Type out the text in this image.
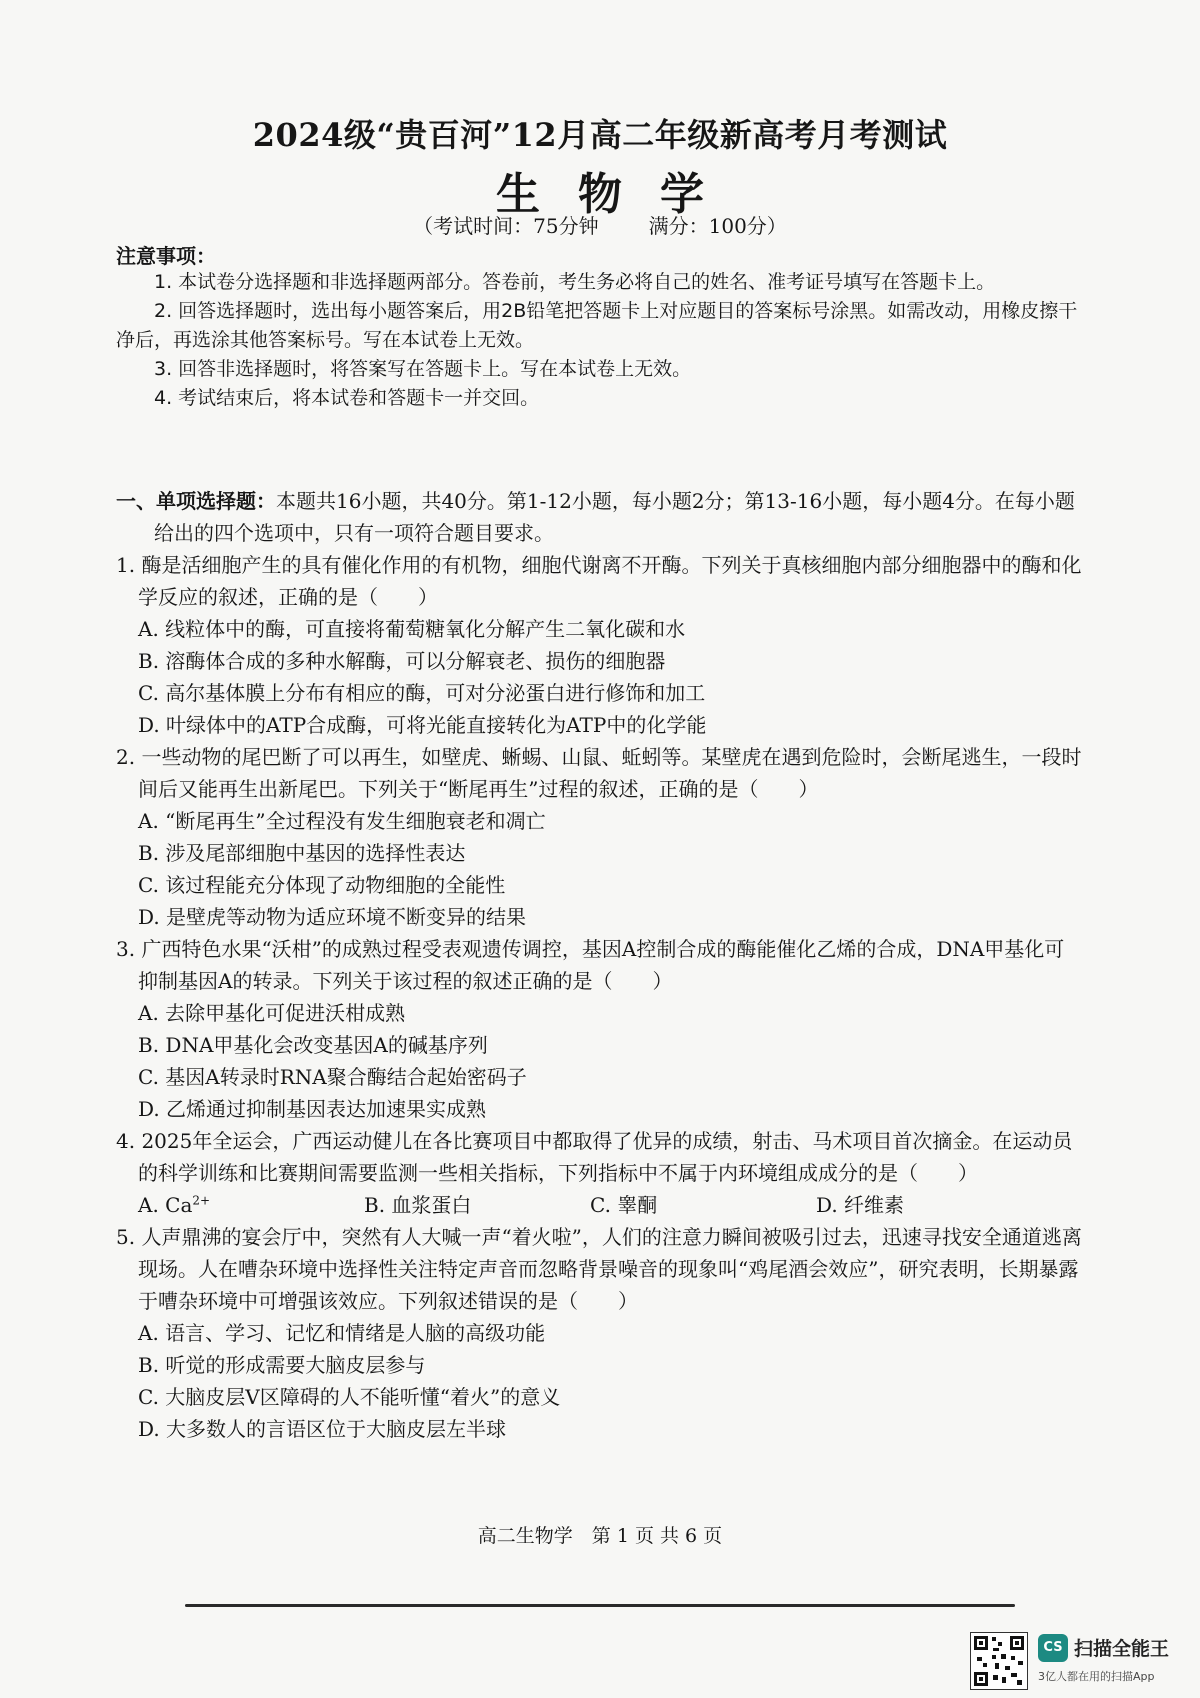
2024级“贵百河”12月高二年级新高考月考测试
生物学
（考试时间：75分钟	满分：100分）
注意事项：

1. 本试卷分选择题和非选择题两部分。答卷前，考生务必将自己的姓名、准考证号填写在答题卡上。

2. 回答选择题时，选出每小题答案后，用2B铅笔把答题卡上对应题目的答案标号涂黑。如需改动，用橡皮擦干净后，再选涂其他答案标号。写在本试卷上无效。

3. 回答非选择题时，将答案写在答题卡上。写在本试卷上无效。

4. 考试结束后，将本试卷和答题卡一并交回。

一、单项选择题：本题共16小题，共40分。第1-12小题，每小题2分；第13-16小题，每小题4分。在每小题给出的四个选项中，只有一项符合题目要求。
1. 酶是活细胞产生的具有催化作用的有机物，细胞代谢离不开酶。下列关于真核细胞内部分细胞器中的酶和化学反应的叙述，正确的是（　　）
A. 线粒体中的酶，可直接将葡萄糖氧化分解产生二氧化碳和水
B. 溶酶体合成的多种水解酶，可以分解衰老、损伤的细胞器
C. 高尔基体膜上分布有相应的酶，可对分泌蛋白进行修饰和加工
D. 叶绿体中的ATP合成酶，可将光能直接转化为ATP中的化学能
2. 一些动物的尾巴断了可以再生，如壁虎、蜥蜴、山鼠、蚯蚓等。某壁虎在遇到危险时，会断尾逃生，一段时间后又能再生出新尾巴。下列关于“断尾再生”过程的叙述，正确的是（　　）
A. “断尾再生”全过程没有发生细胞衰老和凋亡
B. 涉及尾部细胞中基因的选择性表达
C. 该过程能充分体现了动物细胞的全能性
D. 是壁虎等动物为适应环境不断变异的结果
3. 广西特色水果“沃柑”的成熟过程受表观遗传调控，基因A控制合成的酶能催化乙烯的合成，DNA甲基化可抑制基因A的转录。下列关于该过程的叙述正确的是（　　）
A. 去除甲基化可促进沃柑成熟
B. DNA甲基化会改变基因A的碱基序列
C. 基因A转录时RNA聚合酶结合起始密码子
D. 乙烯通过抑制基因表达加速果实成熟
4. 2025年全运会，广西运动健儿在各比赛项目中都取得了优异的成绩，射击、马术项目首次摘金。在运动员的科学训练和比赛期间需要监测一些相关指标，下列指标中不属于内环境组成成分的是（　　）
A. $Ca^{2+}$	B. 血浆蛋白	C. 睾酮	D. 纤维素
5. 人声鼎沸的宴会厅中，突然有人大喊一声“着火啦”，人们的注意力瞬间被吸引过去，迅速寻找安全通道逃离现场。人在嘈杂环境中选择性关注特定声音而忽略背景噪音的现象叫“鸡尾酒会效应”，研究表明，长期暴露于嘈杂环境中可增强该效应。下列叙述错误的是（　　）
A. 语言、学习、记忆和情绪是人脑的高级功能
B. 听觉的形成需要大脑皮层参与
C. 大脑皮层V区障碍的人不能听懂“着火”的意义
D. 大多数人的言语区位于大脑皮层左半球
高二生物学　第 1 页 共 6 页
CS 扫描全能王
3亿人都在用的扫描App
